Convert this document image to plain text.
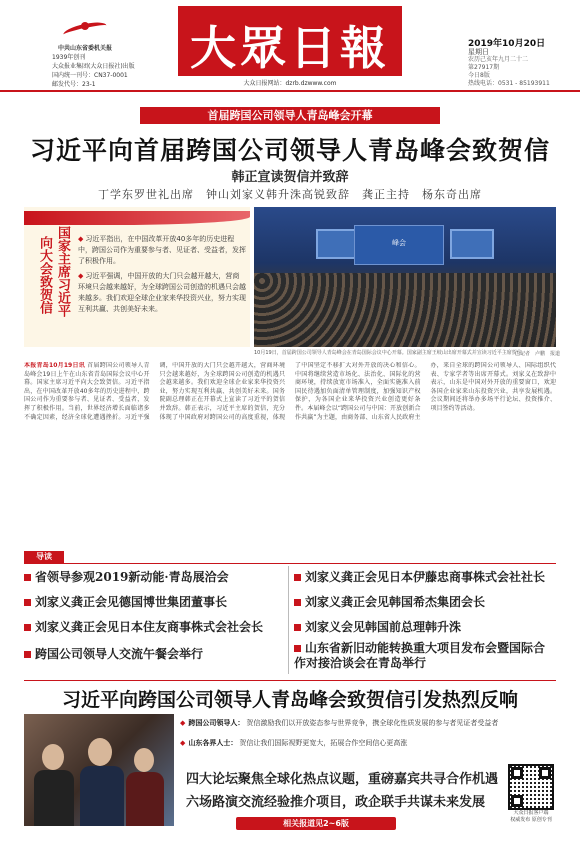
中共山东省委机关报
1939年创刊
大众报业集团(大众日报社)出版
国内统一刊号：CN37-0001
邮发代号：23-1
大眾日報
大众日报网站：dzrb.dzwww.com
2019年10月20日
星期日
农历己亥年九月二十二
第27917期
今日8版
热线电话：0531 - 85193911
首届跨国公司领导人青岛峰会开幕
习近平向首届跨国公司领导人青岛峰会致贺信
韩正宣读贺信并致辞
丁学东罗世礼出席　钟山刘家义韩升洙高锐致辞　龚正主持　杨东奇出席
国家主席习近平
向大会致贺信	◆ 习近平指出，在中国改革开放40多年的历史进程中，跨国公司作为重要参与者、见证者、受益者，发挥了积极作用。
◆ 习近平强调，中国开放的大门只会越开越大，营商环境只会越来越好，为全球跨国公司创造的机遇只会越来越多。我们欢迎全球企业家来华投资兴业，努力实现互利共赢、共创美好未来。
峰会
10月19日，首届跨国公司领导人青岛峰会在青岛国际会议中心开幕。国家副主席王岐山出席开幕式并宣读习近平主席贺信。
□记者　卢鹏　报道
本报青岛10月19日讯 首届跨国公司领导人青岛峰会19日上午在山东省青岛国际会议中心开幕。国家主席习近平向大会致贺信。习近平指出，在中国改革开放40多年的历史进程中，跨国公司作为重要参与者、见证者、受益者，发挥了积极作用。当前，世界经济增长面临诸多不确定因素，经济全球化遭遇挫折。习近平强调，中国开放的大门只会越开越大，营商环境只会越来越好，为全球跨国公司创造的机遇只会越来越多。我们欢迎全球企业家来华投资兴业，努力实现互利共赢、共创美好未来。国务院副总理韩正在开幕式上宣读了习近平的贺信并致辞。韩正表示，习近平主席的贺信，充分体现了中国政府对跨国公司的高度重视，体现了中国坚定不移扩大对外开放的决心和信心。中国将继续营造市场化、法治化、国际化的营商环境，持续放宽市场准入，全面实施准入前国民待遇加负面清单管理制度，加强知识产权保护，为各国企业来华投资兴业创造更好条件。本届峰会以“跨国公司与中国：开放创新合作共赢”为主题，由商务部、山东省人民政府主办，来自全球的跨国公司领导人、国际组织代表、专家学者等出席开幕式。刘家义在致辞中表示，山东是中国对外开放的重要窗口，欢迎各国企业家来山东投资兴业，共享发展机遇。会议期间还将举办多场平行论坛、投资推介、项目签约等活动。
导读
省领导参观2019新动能·青岛展洽会
刘家义龚正会见德国博世集团董事长
刘家义龚正会见日本住友商事株式会社会长
跨国公司领导人交流午餐会举行
刘家义龚正会见日本伊藤忠商事株式会社社长
刘家义龚正会见韩国希杰集团会长
刘家义会见韩国前总理韩升洙
山东省新旧动能转换重大项目发布会暨国际合作对接洽谈会在青岛举行
习近平向跨国公司领导人青岛峰会致贺信引发热烈反响
◆ 跨国公司领导人： 贺信激励我们以开放姿态参与世界竞争，携全球化性质发展的参与者见证者受益者
◆ 山东各界人士： 贺信让我们国际视野更宽大，拓展合作空间信心更高涨
四大论坛聚焦全球化热点议题，重磅嘉宾共寻合作机遇
六场路演交流经验推介项目，政企联手共谋未来发展
大众日报客户端
权威发布 原创专刊
相关报道见2~6版
